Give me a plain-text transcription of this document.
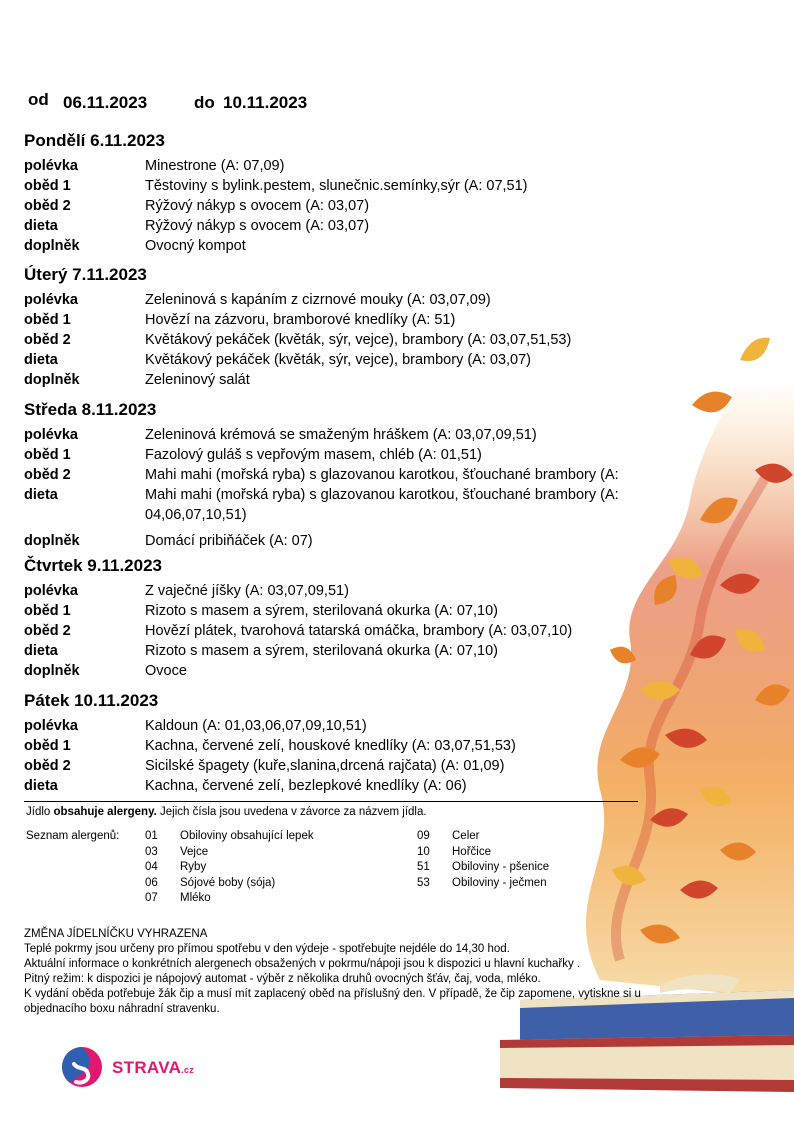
od 06.11.2023	do 10.11.2023
Pondělí 6.11.2023
polévka	Minestrone (A: 07,09)
oběd 1	Těstoviny s bylink.pestem, slunečnic.semínky,sýr (A: 07,51)
oběd 2	Rýžový nákyp s ovocem (A: 03,07)
dieta	Rýžový nákyp s ovocem (A: 03,07)
doplněk	Ovocný kompot
Úterý 7.11.2023
polévka	Zeleninová s kapáním z cizrnové mouky (A: 03,07,09)
oběd 1	Hovězí na zázvoru, bramborové knedlíky (A: 51)
oběd 2	Květákový pekáček (květák, sýr, vejce), brambory (A: 03,07,51,53)
dieta	Květákový pekáček (květák, sýr, vejce), brambory (A: 03,07)
doplněk	Zeleninový salát
Středa 8.11.2023
polévka	Zeleninová krémová se smaženým hráškem (A: 03,07,09,51)
oběd 1	Fazolový guláš s vepřovým masem, chléb (A: 01,51)
oběd 2	Mahi mahi (mořská ryba) s glazovanou karotkou, šťouchané brambory (A:
dieta	Mahi mahi (mořská ryba) s glazovanou karotkou, šťouchané brambory (A:
04,06,07,10,51)
doplněk	Domácí pribiňáček (A: 07)
Čtvrtek 9.11.2023
polévka	Z vaječné jíšky (A: 03,07,09,51)
oběd 1	Rizoto s masem a sýrem, sterilovaná okurka (A: 07,10)
oběd 2	Hovězí plátek, tvarohová tatarská omáčka, brambory (A: 03,07,10)
dieta	Rizoto s masem a sýrem, sterilovaná okurka (A: 07,10)
doplněk	Ovoce
Pátek 10.11.2023
polévka	Kaldoun (A: 01,03,06,07,09,10,51)
oběd 1	Kachna, červené zelí, houskové knedlíky (A: 03,07,51,53)
oběd 2	Sicilské špagety (kuře,slanina,drcená rajčata) (A: 01,09)
dieta	Kachna, červené zelí, bezlepkové knedlíky (A: 06)
Jídlo obsahuje alergeny. Jejich čísla jsou uvedena v závorce za názvem jídla.
Seznam alergenů: 01 Obiloviny obsahující lepek
03 Vejce
04 Ryby
06 Sójové boby (sója)
07 Mléko
09 Celer
10 Hořčice
51 Obiloviny - pšenice
53 Obiloviny - ječmen

ZMĚNA JÍDELNÍČKU VYHRAZENA

Teplé pokrmy jsou určeny pro přímou spotřebu v den výdeje - spotřebujte nejdéle do 14,30 hod.

Aktuální informace o konkrétních alergenech obsažených v pokrmu/nápoji jsou k dispozici u hlavní kuchařky .

Pitný režim: k dispozici je nápojový automat - výběr z několika druhů ovocných šťáv, čaj, voda, mléko.

K vydání oběda potřebuje žák čip a musí mít zaplacený oběd na příslušný den. V případě, že čip zapomene, vytiskne si u objednacího boxu náhradní stravenku.

STRAVA.cz
